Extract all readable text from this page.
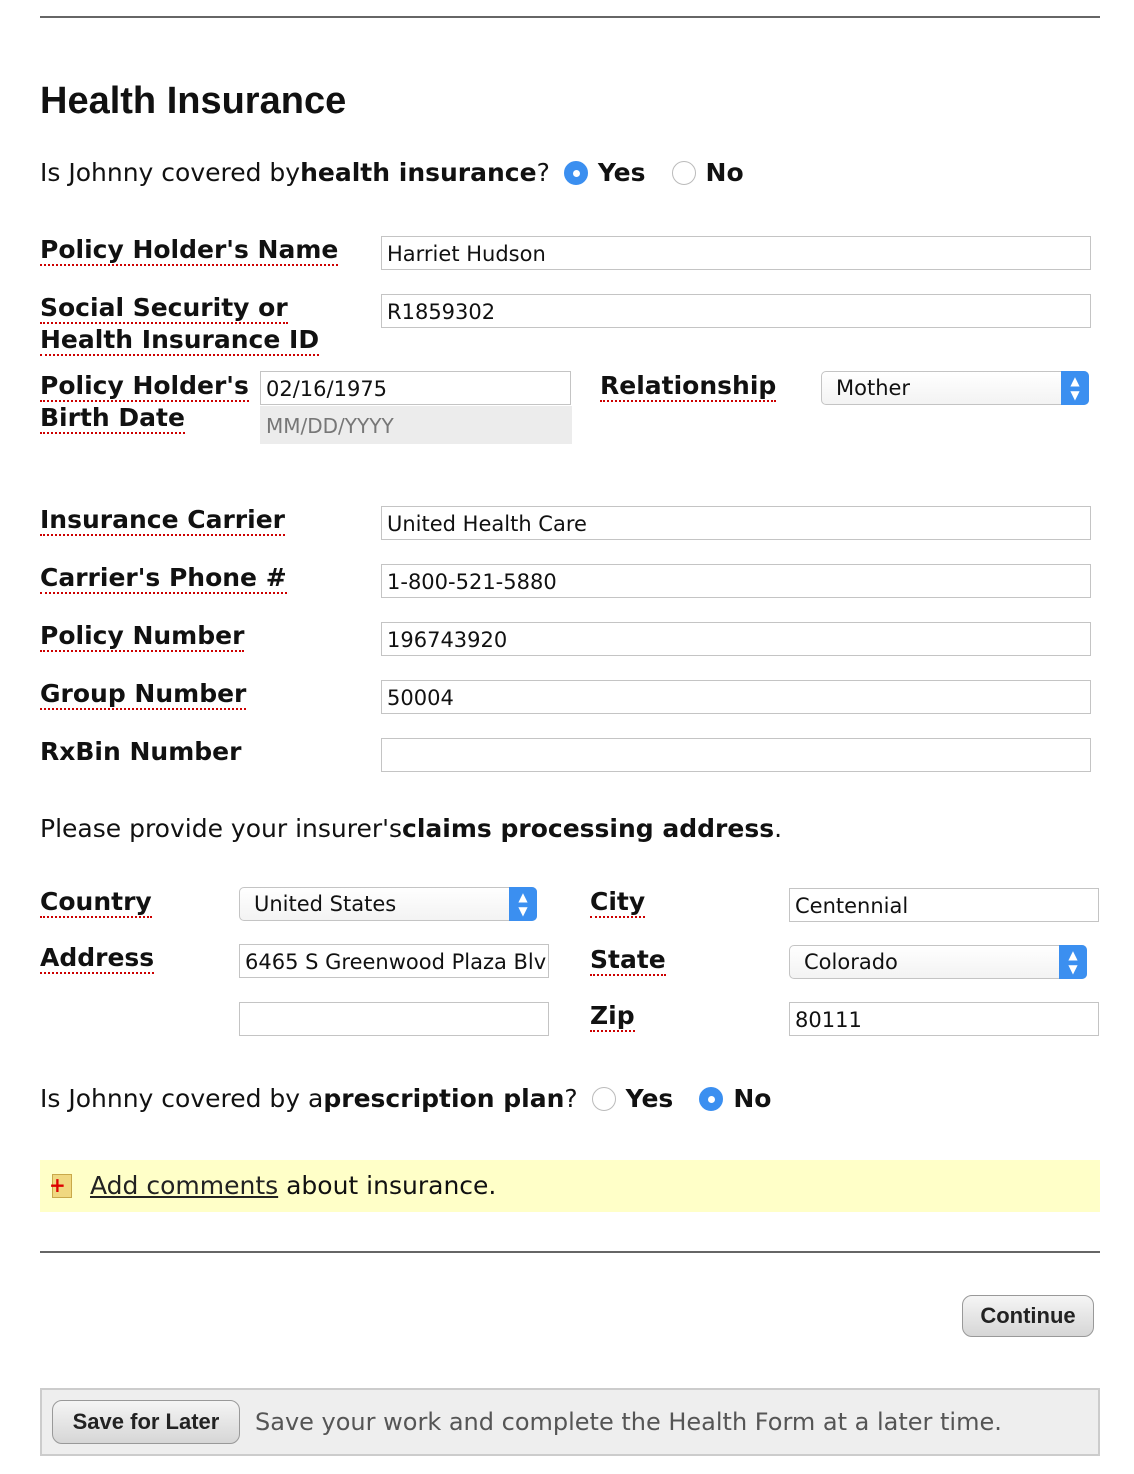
Health Insurance
Is Johnny covered by health insurance ? Yes No
Policy Holder's Name Harriet Hudson
Social Security or
Health Insurance ID
R1859302
Policy Holder's
Birth Date
02/16/1975
MM/DD/YYYY
Relationship	Mother	▲
▼
Insurance Carrier	United Health Care
Carrier's Phone #	1-800-521-5880
Policy Number	196743920
Group Number	50004
RxBin Number
Please provide your insurer's claims processing address .
Country	United States	▲
▼
Address	6465 S Greenwood Plaza Blv
City	Centennial
State	Colorado	▲
▼
Zip	80111
Is Johnny covered by a prescription plan ? Yes No
+ Add comments about insurance.
Continue
Save for Later	Save your work and complete the Health Form at a later time.
